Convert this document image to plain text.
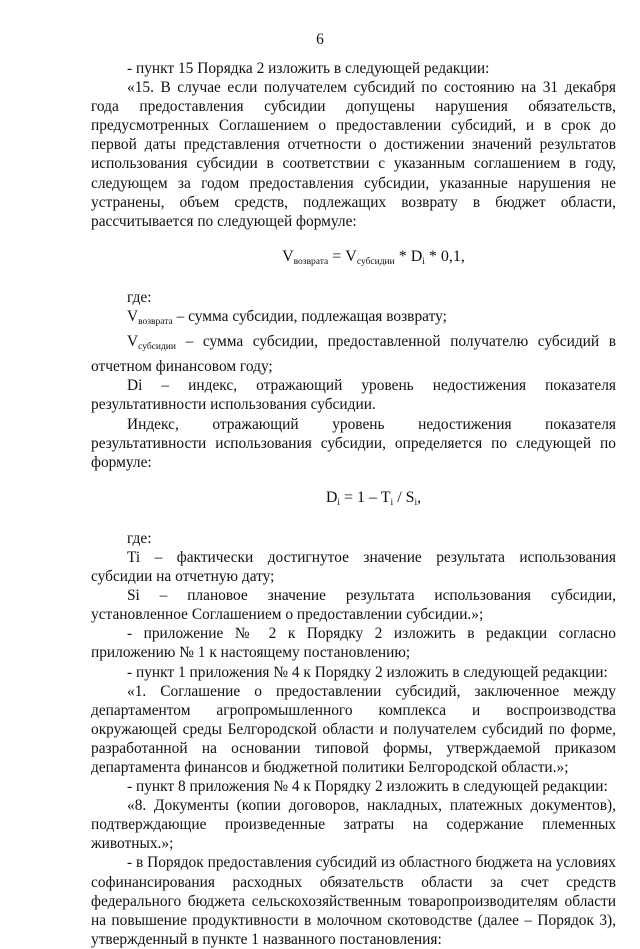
6

- пункт 15 Порядка 2 изложить в следующей редакции:

«15. В случае если получателем субсидий по состоянию на 31 декабря года предоставления субсидии допущены нарушения обязательств, предусмотренных Соглашением о предоставлении субсидий, и в срок до первой даты представления отчетности о достижении значений результатов использования субсидии в соответствии с указанным соглашением в году, следующем за годом предоставления субсидии, указанные нарушения не устранены, объем средств, подлежащих возврату в бюджет области, рассчитывается по следующей формуле:

$V_{возврата} = V_{субсидии} * D_i * 0,1$,

где:

$V_{возврата}$ – сумма субсидии, подлежащая возврату;

$V_{субсидии}$ – сумма субсидии, предоставленной получателю субсидий в отчетном финансовом году;

Di – индекс, отражающий уровень недостижения показателя результативности использования субсидии.

Индекс, отражающий уровень недостижения показателя результативности использования субсидии, определяется по следующей по формуле:

$D_i = 1 - T_i / S_i$,

где:

Ti – фактически достигнутое значение результата использования субсидии на отчетную дату;

Si – плановое значение результата использования субсидии, установленное Соглашением о предоставлении субсидии.»;

- приложение № 2 к Порядку 2 изложить в редакции согласно приложению № 1 к настоящему постановлению;

- пункт 1 приложения № 4 к Порядку 2 изложить в следующей редакции:

«1. Соглашение о предоставлении субсидий, заключенное между департаментом агропромышленного комплекса и воспроизводства окружающей среды Белгородской области и получателем субсидий по форме, разработанной на основании типовой формы, утверждаемой приказом департамента финансов и бюджетной политики Белгородской области.»;

- пункт 8 приложения № 4 к Порядку 2 изложить в следующей редакции:

«8. Документы (копии договоров, накладных, платежных документов), подтверждающие произведенные затраты на содержание племенных животных.»;

- в Порядок предоставления субсидий из областного бюджета на условиях софинансирования расходных обязательств области за счет средств федерального бюджета сельскохозяйственным товаропроизводителям области на повышение продуктивности в молочном скотоводстве (далее – Порядок 3), утвержденный в пункте 1 названного постановления:
